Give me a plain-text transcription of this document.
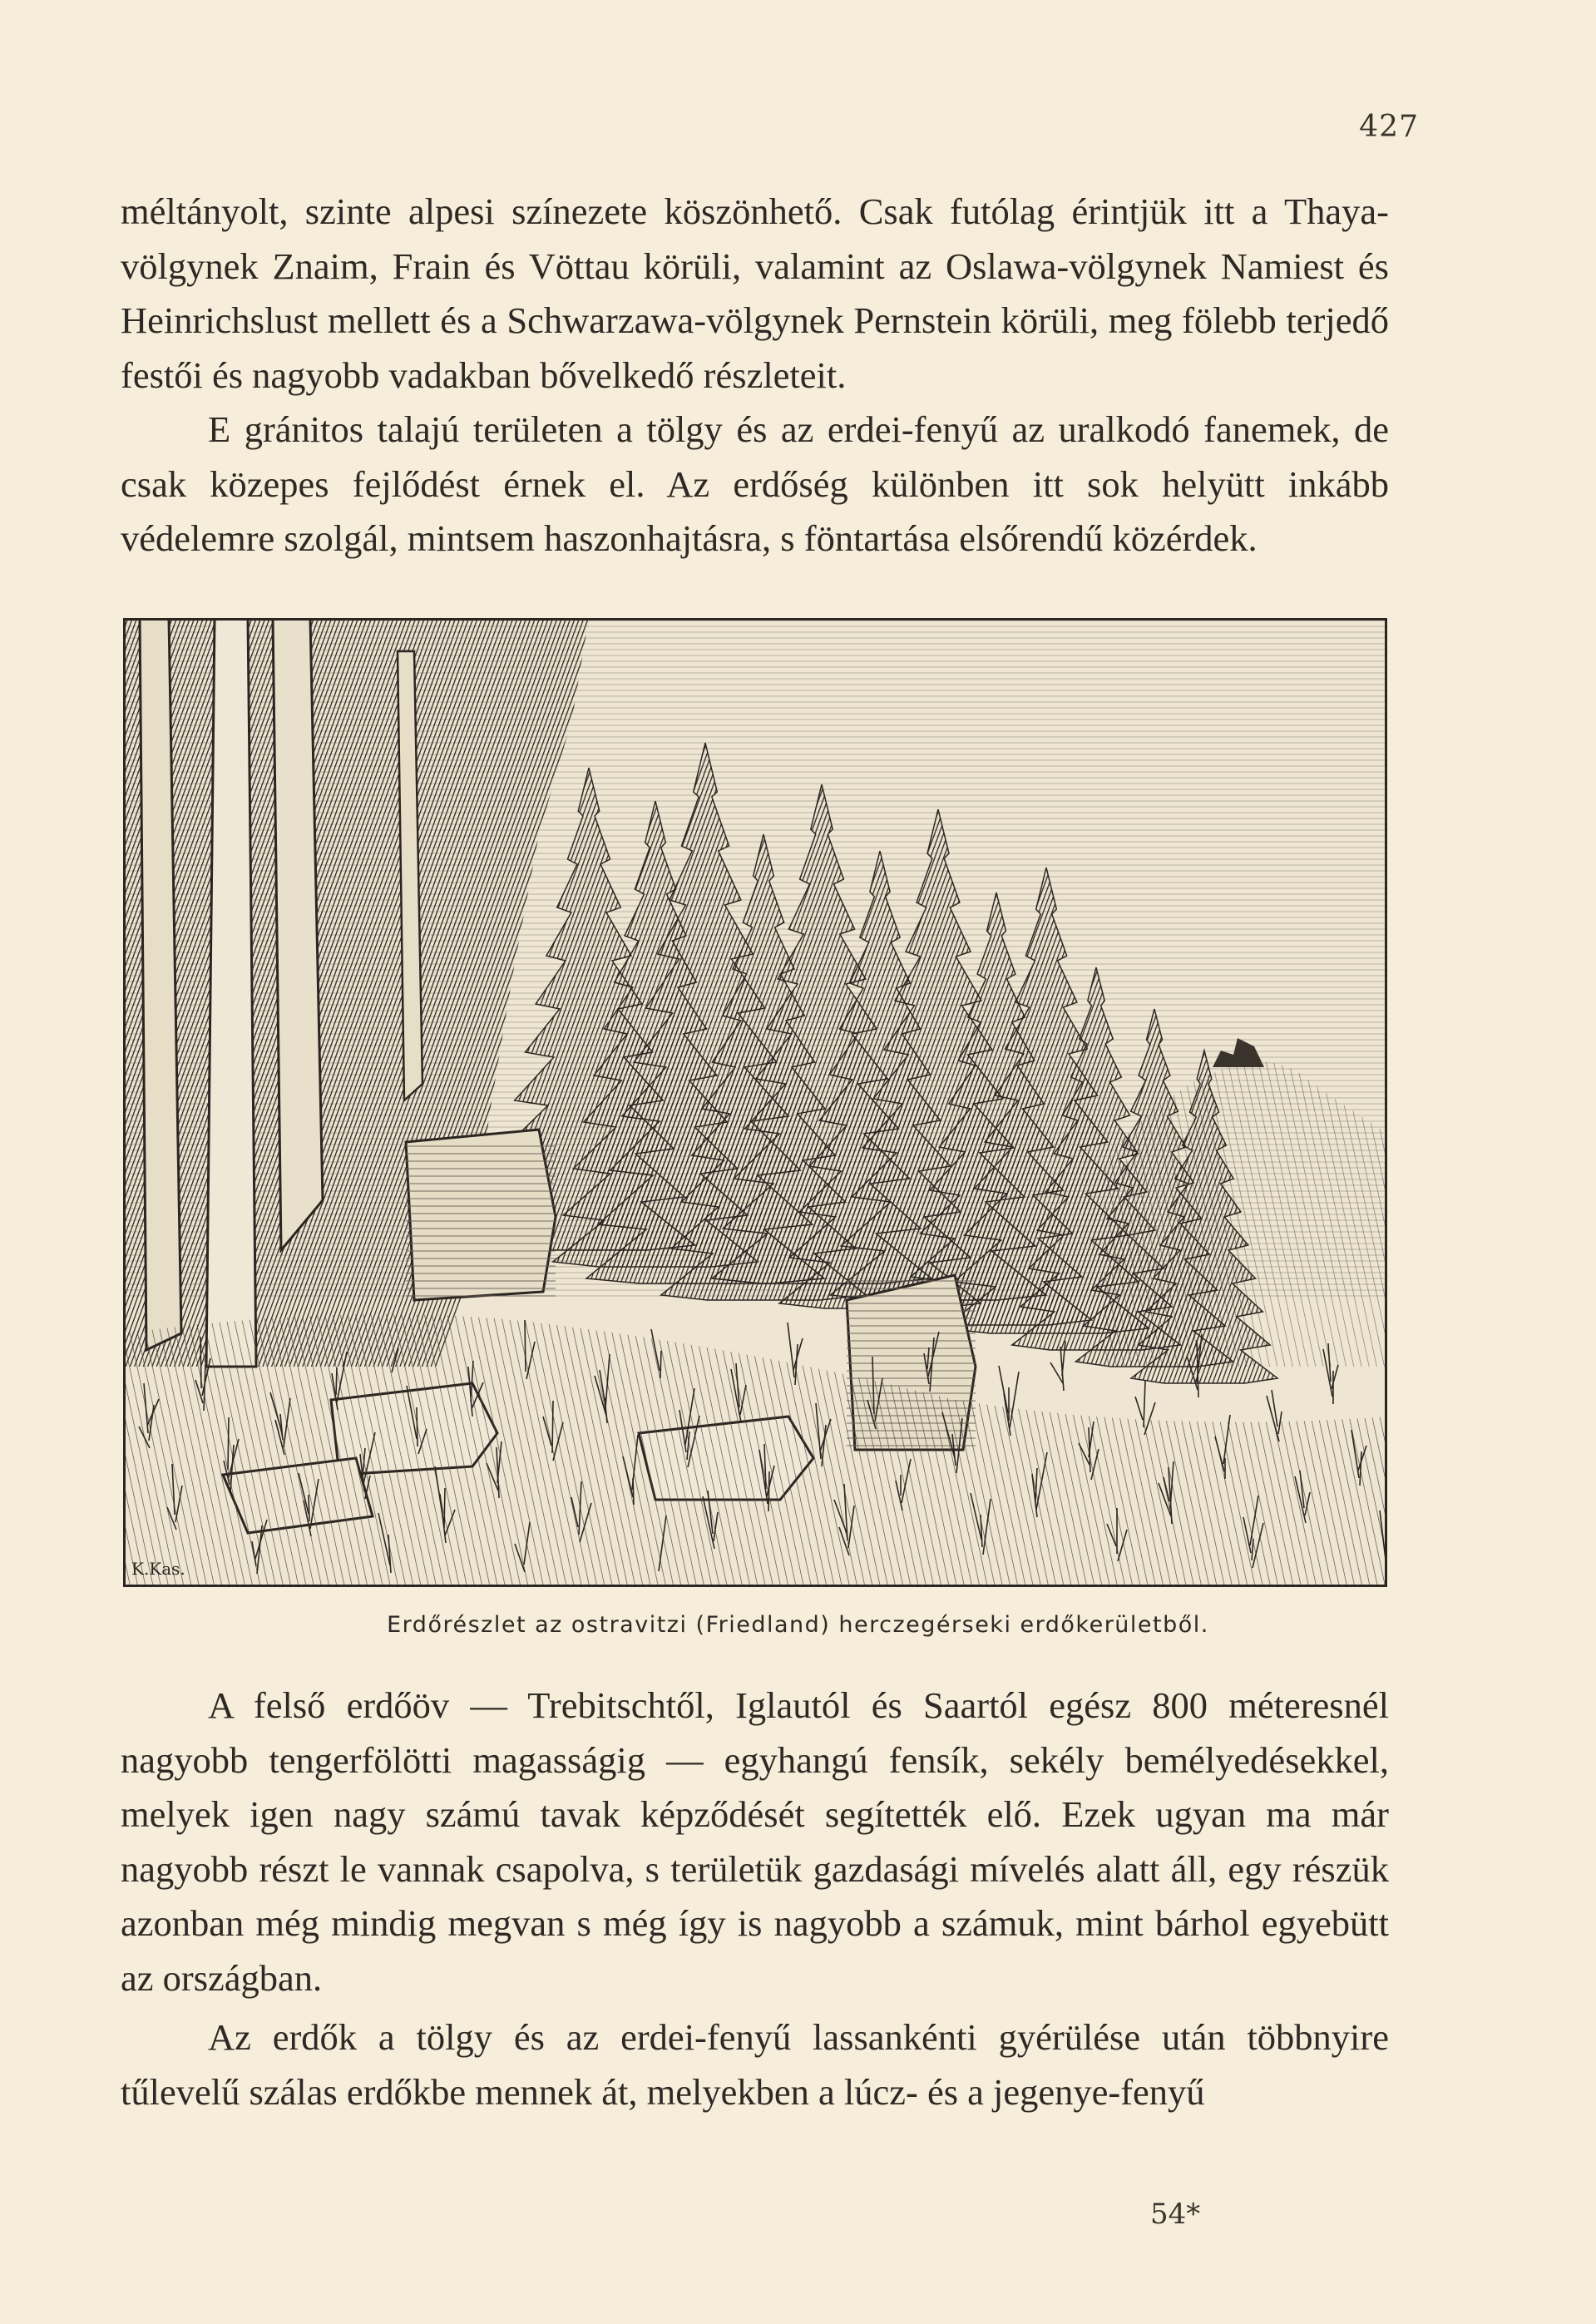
427

méltányolt, szinte alpesi színezete köszönhető. Csak futólag érintjük itt a Thaya-völgynek Znaim, Frain és Vöttau körüli, valamint az Oslawa-völgynek Namiest és Heinrichslust mellett és a Schwarzawa-völgynek Pernstein körüli, meg fölebb terjedő festői és nagyobb vadakban bővelkedő részleteit.

E gránitos talajú területen a tölgy és az erdei-fenyű az uralkodó fanemek, de csak közepes fejlődést érnek el. Az erdőség különben itt sok helyütt inkább védelemre szolgál, mintsem haszonhajtásra, s föntartása elsőrendű közérdek.

K.Kas.
Erdőrészlet az ostravitzi (Friedland) herczegérseki erdőkerületből.

A felső erdőöv — Trebitschtől, Iglautól és Saartól egész 800 méteresnél nagyobb tengerfölötti magasságig — egyhangú fensík, sekély bemélyedésekkel, melyek igen nagy számú tavak képződését segítették elő. Ezek ugyan ma már nagyobb részt le vannak csapolva, s területük gazdasági mívelés alatt áll, egy részük azonban még mindig megvan s még így is nagyobb a számuk, mint bárhol egyebütt az országban.

Az erdők a tölgy és az erdei-fenyű lassankénti gyérülése után többnyire tűlevelű szálas erdőkbe mennek át, melyekben a lúcz- és a jegenye-fenyű

54*
